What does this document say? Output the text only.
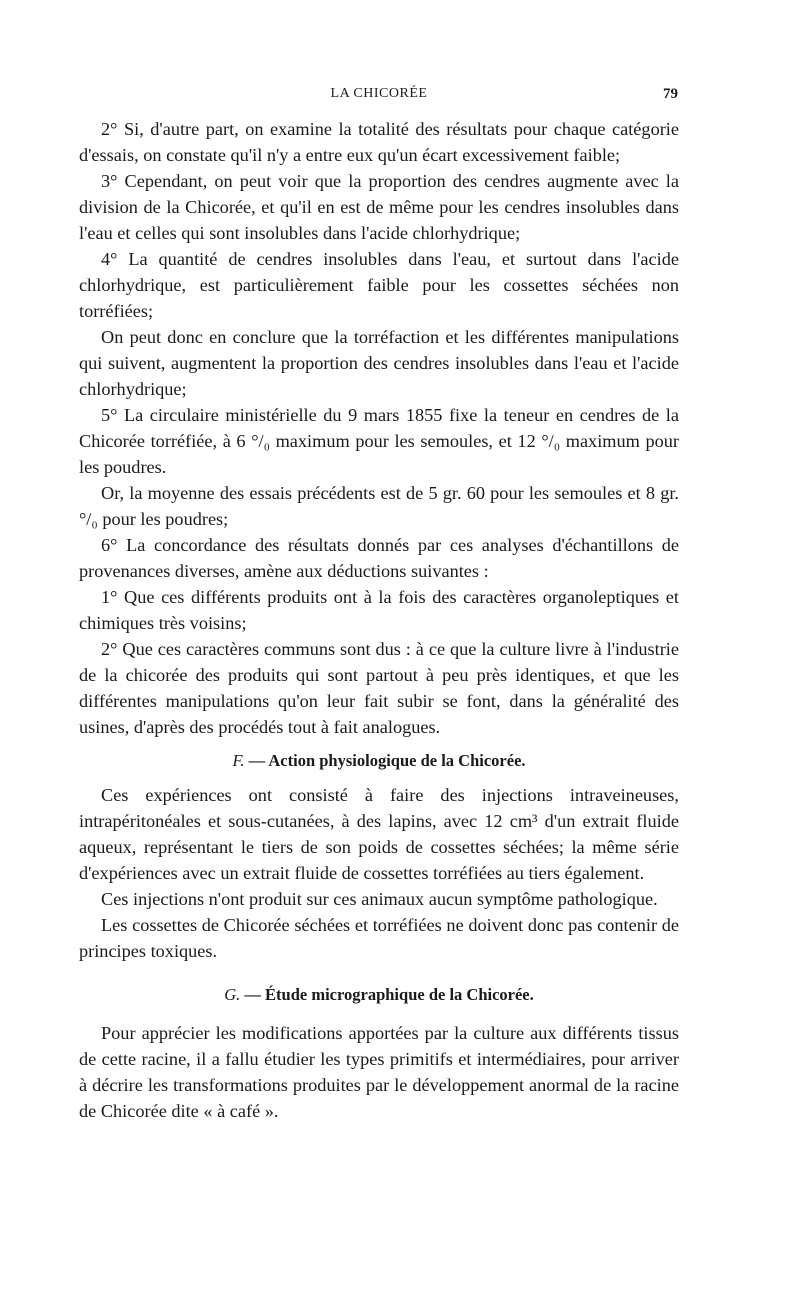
LA CHICORÉE	79

2° Si, d'autre part, on examine la totalité des résultats pour chaque catégorie d'essais, on constate qu'il n'y a entre eux qu'un écart excessivement faible;

3° Cependant, on peut voir que la proportion des cendres augmente avec la division de la Chicorée, et qu'il en est de même pour les cendres insolubles dans l'eau et celles qui sont insolubles dans l'acide chlorhydrique;

4° La quantité de cendres insolubles dans l'eau, et surtout dans l'acide chlorhydrique, est particulièrement faible pour les cossettes séchées non torréfiées;

On peut donc en conclure que la torréfaction et les différentes manipulations qui suivent, augmentent la proportion des cendres insolubles dans l'eau et l'acide chlorhydrique;

5° La circulaire ministérielle du 9 mars 1855 fixe la teneur en cendres de la Chicorée torréfiée, à 6 °/₀ maximum pour les semoules, et 12 °/₀ maximum pour les poudres.

Or, la moyenne des essais précédents est de 5 gr. 60 pour les semoules et 8 gr. °/₀ pour les poudres;

6° La concordance des résultats donnés par ces analyses d'échantillons de provenances diverses, amène aux déductions suivantes :

1° Que ces différents produits ont à la fois des caractères organoleptiques et chimiques très voisins;

2° Que ces caractères communs sont dus : à ce que la culture livre à l'industrie de la chicorée des produits qui sont partout à peu près identiques, et que les différentes manipulations qu'on leur fait subir se font, dans la généralité des usines, d'après des procédés tout à fait analogues.

F. — Action physiologique de la Chicorée.

Ces expériences ont consisté à faire des injections intraveineuses, intrapéritonéales et sous-cutanées, à des lapins, avec 12 cm³ d'un extrait fluide aqueux, représentant le tiers de son poids de cossettes séchées; la même série d'expériences avec un extrait fluide de cossettes torréfiées au tiers également.

Ces injections n'ont produit sur ces animaux aucun symptôme pathologique.

Les cossettes de Chicorée séchées et torréfiées ne doivent donc pas contenir de principes toxiques.

G. — Étude micrographique de la Chicorée.

Pour apprécier les modifications apportées par la culture aux différents tissus de cette racine, il a fallu étudier les types primitifs et intermédiaires, pour arriver à décrire les transformations produites par le développement anormal de la racine de Chicorée dite « à café ».
